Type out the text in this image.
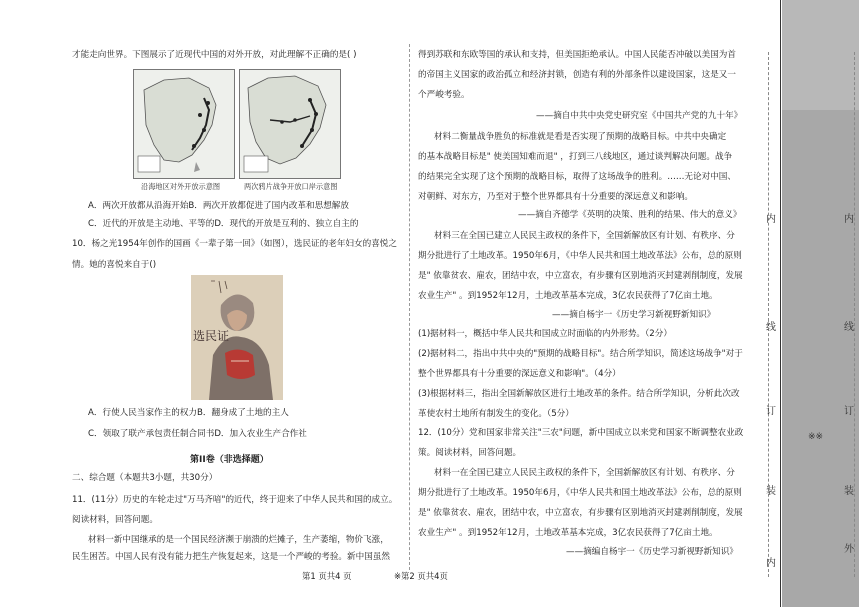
才能走向世界。下图展示了近现代中国的对外开放，对此理解不正确的是( )

A．两次开放都从沿海开始B．两次开放都促进了国内改革和思想解放

C．近代的开放是主动地、平等的D．现代的开放是互利的、独立自主的

10．杨之光1954年创作的国画《一辈子第一回》（如图），选民证的老年妇女的喜悦之

情。她的喜悦来自于()

A．行使人民当家作主的权力B．翻身成了土地的主人

C．领取了联产承包责任制合同书D．加入农业生产合作社

第II卷（非选择题）

二、综合题（本题共3小题，共30分）

11．(11分）历史的车轮走过"万马齐喑"的近代，终于迎来了中华人民共和国的成立。

阅读材料，回答问题。

材料一新中国继承的是一个国民经济濒于崩溃的烂摊子，生产萎缩，物价飞涨，

民生困苦。中国人民有没有能力把生产恢复起来，这是一个严峻的考验。新中国虽然

沿海地区对外开放示意图	两次鸦片战争开放口岸示意图
选民证

得到苏联和东欧等国的承认和支持，但美国拒绝承认。中国人民能否冲破以美国为首

的帝国主义国家的政治孤立和经济封锁，创造有利的外部条件以建设国家，这是又一

个严峻考验。

——摘自中共中央党史研究室《中国共产党的九十年》

材料二衡量战争胜负的标准就是看是否实现了预期的战略目标。中共中央确定

的基本战略目标是" 使美国知难而退" ，打到三八线地区，通过谈判解决问题。战争

的结果完全实现了这个预期的战略目标，取得了这场战争的胜利。……无论对中国、

对朝鲜、对东方，乃至对于整个世界都具有十分重要的深远意义和影响。

——摘自齐德学《英明的决策、胜利的结果、伟大的意义》

材料三在全国已建立人民民主政权的条件下，全国新解放区有计划、有秩序、分

期分批进行了土地改革。1950年6月，《中华人民共和国土地改革法》公布，总的原则

是" 依靠贫农、雇农，团结中农，中立富农，有步骤有区别地消灭封建剥削制度，发展

农业生产" 。到1952年12月，土地改革基本完成，3亿农民获得了7亿亩土地。

——摘自杨宇一《历史学习新视野新知识》

(1)据材料一，概括中华人民共和国成立时面临的内外形势。（2分）

(2)据材料二，指出中共中央的"预期的战略目标"。结合所学知识，简述这场战争"对于

整个世界都具有十分重要的深远意义和影响"。（4分）

(3)根据材料三，指出全国新解放区进行土地改革的条件。结合所学知识，分析此次改

革使农村土地所有制发生的变化。（5分）

12．(10分）党和国家非常关注"三农"问题，新中国成立以来党和国家不断调整农业政

策。阅读材料，回答问题。

材料一在全国已建立人民民主政权的条件下，全国新解放区有计划、有秩序、分

期分批进行了土地改革。1950年6月，《中华人民共和国土地改革法》公布，总的原则

是" 依靠贫农、雇农，团结中农，中立富农，有步骤有区别地消灭封建剥削制度，发展

农业生产" 。到1952年12月，土地改革基本完成，3亿农民获得了7亿亩土地。

——摘编自杨宇一《历史学习新视野新知识》

第1 页共4 页	※第2 页共4页
内
线
订
装
内
※※
内
线
订
装
外
